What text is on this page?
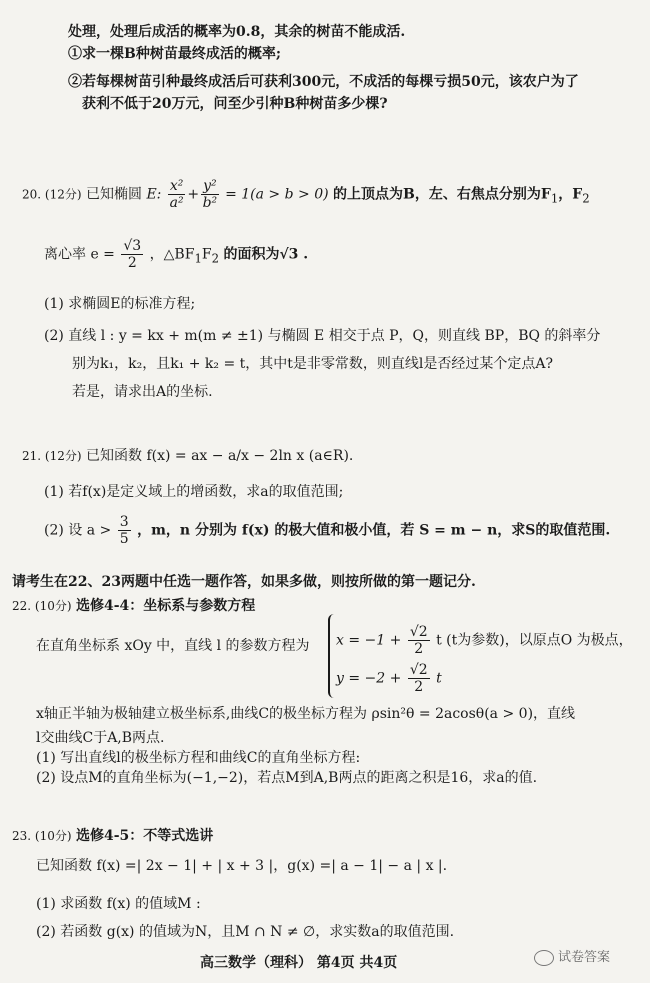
处理，处理后成活的概率为0.8，其余的树苗不能成活.
①求一棵B种树苗最终成活的概率;
②若每棵树苗引种最终成活后可获利300元，不成活的每棵亏损50元，该农户为了
获利不低于20万元，问至少引种B种树苗多少棵?
20. (12分) 已知椭圆 E: $\frac{\text{x²}}{\text{a²}} + \frac{\text{y²}}{\text{b²}} = 1(a > b > 0)$ 的上顶点为B，左、右焦点分别为$F_1$，$F_2$
离心率 $e = \frac{√3}{2}$ ，$\triangle BF_1F_2$ 的面积为√3 .
(1) 求椭圆E的标准方程;
(2) 直线 l : y = kx + m(m ≠ ±1) 与椭圆 E 相交于点 P，Q，则直线 BP，BQ 的斜率分
别为k₁，k₂，且k₁ + k₂ = t，其中t是非零常数，则直线l是否经过某个定点A?
若是，请求出A的坐标.
21. (12分) 已知函数 f(x) = ax − a/x − 2ln x (a∈R).
(1) 若f(x)是定义域上的增函数，求a的取值范围;
(2) 设 $a > \frac{3}{5}$ ，m，n 分别为 f(x) 的极大值和极小值，若 S = m − n，求S的取值范围.
请考生在22、23两题中任选一题作答，如果多做，则按所做的第一题记分.
22. (10分) 选修4-4：坐标系与参数方程
在直角坐标系 xOy 中，直线 l 的参数方程为 $x = -1 + \frac{√2}{2}$ t (t为参数)，以原点O 为极点，
$y = -2 + \frac{√2}{2}$ t
x轴正半轴为极轴建立极坐标系,曲线C的极坐标方程为 ρsin²θ = 2acosθ(a > 0)，直线
l交曲线C于A,B两点.
(1) 写出直线l的极坐标方程和曲线C的直角坐标方程:
(2) 设点M的直角坐标为(−1,−2)，若点M到A,B两点的距离之积是16，求a的值.
23. (10分) 选修4-5：不等式选讲
已知函数 f(x) =| 2x − 1| + | x + 3 |，g(x) =| a − 1| − a | x |.
(1) 求函数 f(x) 的值域M :
(2) 若函数 g(x) 的值域为N，且M ∩ N ≠ ∅，求实数a的取值范围.
高三数学（理科） 第4页 共4页	试卷答案
